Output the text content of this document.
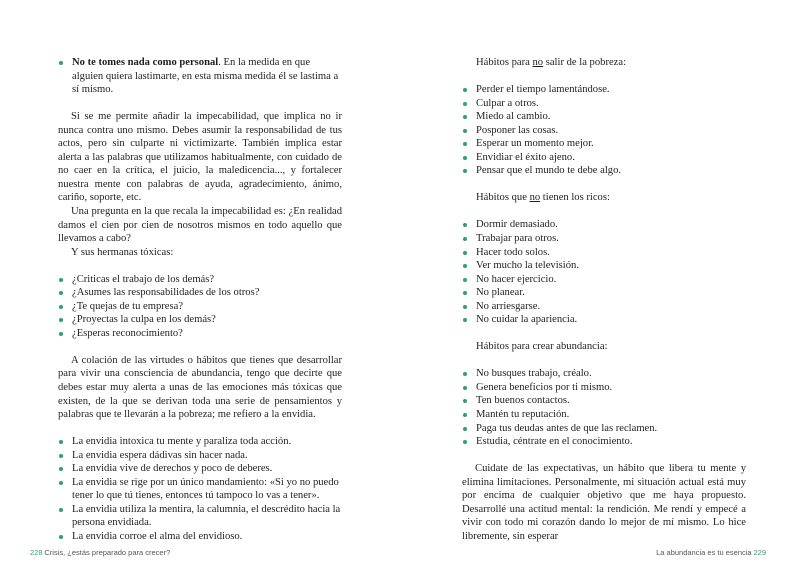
No te tomes nada como personal. En la medida en que alguien quiera lastimarte, en esta misma medida él se lastima a sí mismo.

Si se me permite añadir la impecabilidad, que implica no ir nunca contra uno mismo. Debes asumir la responsabilidad de tus actos, pero sin culparte ni victimizarte. También implica estar alerta a las palabras que utilizamos habitualmente, con cuidado de no caer en la crítica, el juicio, la maledicencia..., y fortalecer nuestra mente con palabras de ayuda, agradecimiento, ánimo, cariño, soporte, etc.

Una pregunta en la que recala la impecabilidad es: ¿En realidad damos el cien por cien de nosotros mismos en todo aquello que llevamos a cabo?

Y sus hermanas tóxicas:

¿Criticas el trabajo de los demás?
¿Asumes las responsabilidades de los otros?
¿Te quejas de tu empresa?
¿Proyectas la culpa en los demás?
¿Esperas reconocimiento?

A colación de las virtudes o hábitos que tienes que desarrollar para vivir una consciencia de abundancia, tengo que decirte que debes estar muy alerta a unas de las emociones más tóxicas que existen, de la que se derivan toda una serie de pensamientos y palabras que te llevarán a la pobreza; me refiero a la envidia.

La envidia intoxica tu mente y paraliza toda acción.
La envidia espera dádivas sin hacer nada.
La envidia vive de derechos y poco de deberes.
La envidia se rige por un único mandamiento: «Si yo no puedo tener lo que tú tienes, entonces tú tampoco lo vas a tener».
La envidia utiliza la mentira, la calumnia, el descrédito hacia la persona envidiada.
La envidia corroe el alma del envidioso.
228 Crisis, ¿estás preparado para crecer?

Hábitos para no salir de la pobreza:

Perder el tiempo lamentándose.
Culpar a otros.
Miedo al cambio.
Posponer las cosas.
Esperar un momento mejor.
Envidiar el éxito ajeno.
Pensar que el mundo te debe algo.

Hábitos que no tienen los ricos:

Dormir demasiado.
Trabajar para otros.
Hacer todo solos.
Ver mucho la televisión.
No hacer ejercicio.
No planear.
No arriesgarse.
No cuidar la apariencia.

Hábitos para crear abundancia:

No busques trabajo, créalo.
Genera beneficios por ti mismo.
Ten buenos contactos.
Mantén tu reputación.
Paga tus deudas antes de que las reclamen.
Estudia, céntrate en el conocimiento.

Cuidate de las expectativas, un hábito que libera tu mente y elimina limitaciones. Personalmente, mi situación actual está muy por encima de cualquier objetivo que me haya propuesto. Desarrollé una actitud mental: la rendición. Me rendí y empecé a vivir con todo mi corazón dando lo mejor de mí mismo. Lo hice libremente, sin esperar

La abundancia es tu esencia 229
